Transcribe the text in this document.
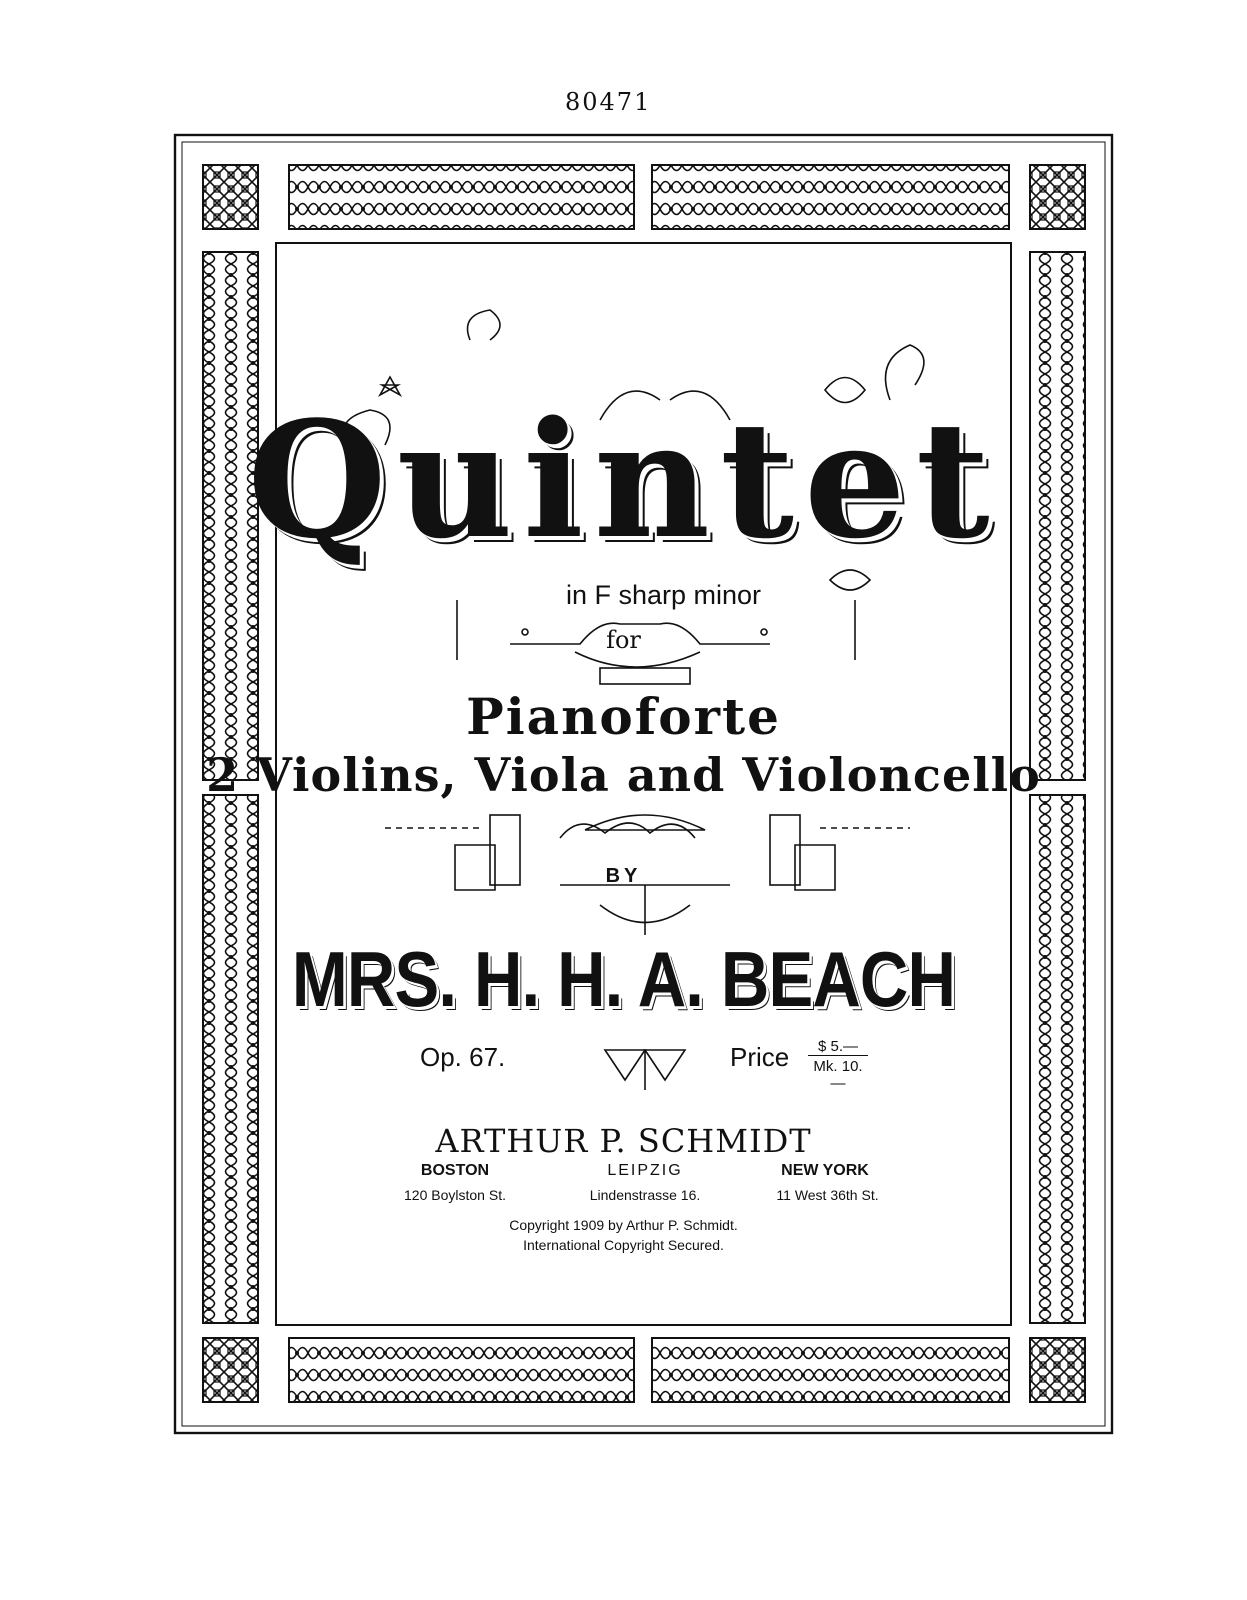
80471
Quintet
in F sharp minor
for
Pianoforte
2 Violins, Viola and Violoncello
BY
MRS. H. H. A. BEACH
Op. 67.	Price	$ 5.—
Mk. 10.—
ARTHUR P. SCHMIDT
BOSTON
120 Boylston St.
LEIPZIG
Lindenstrasse 16.
NEW YORK
11 West 36th St.
Copyright 1909 by Arthur P. Schmidt.
International Copyright Secured.
